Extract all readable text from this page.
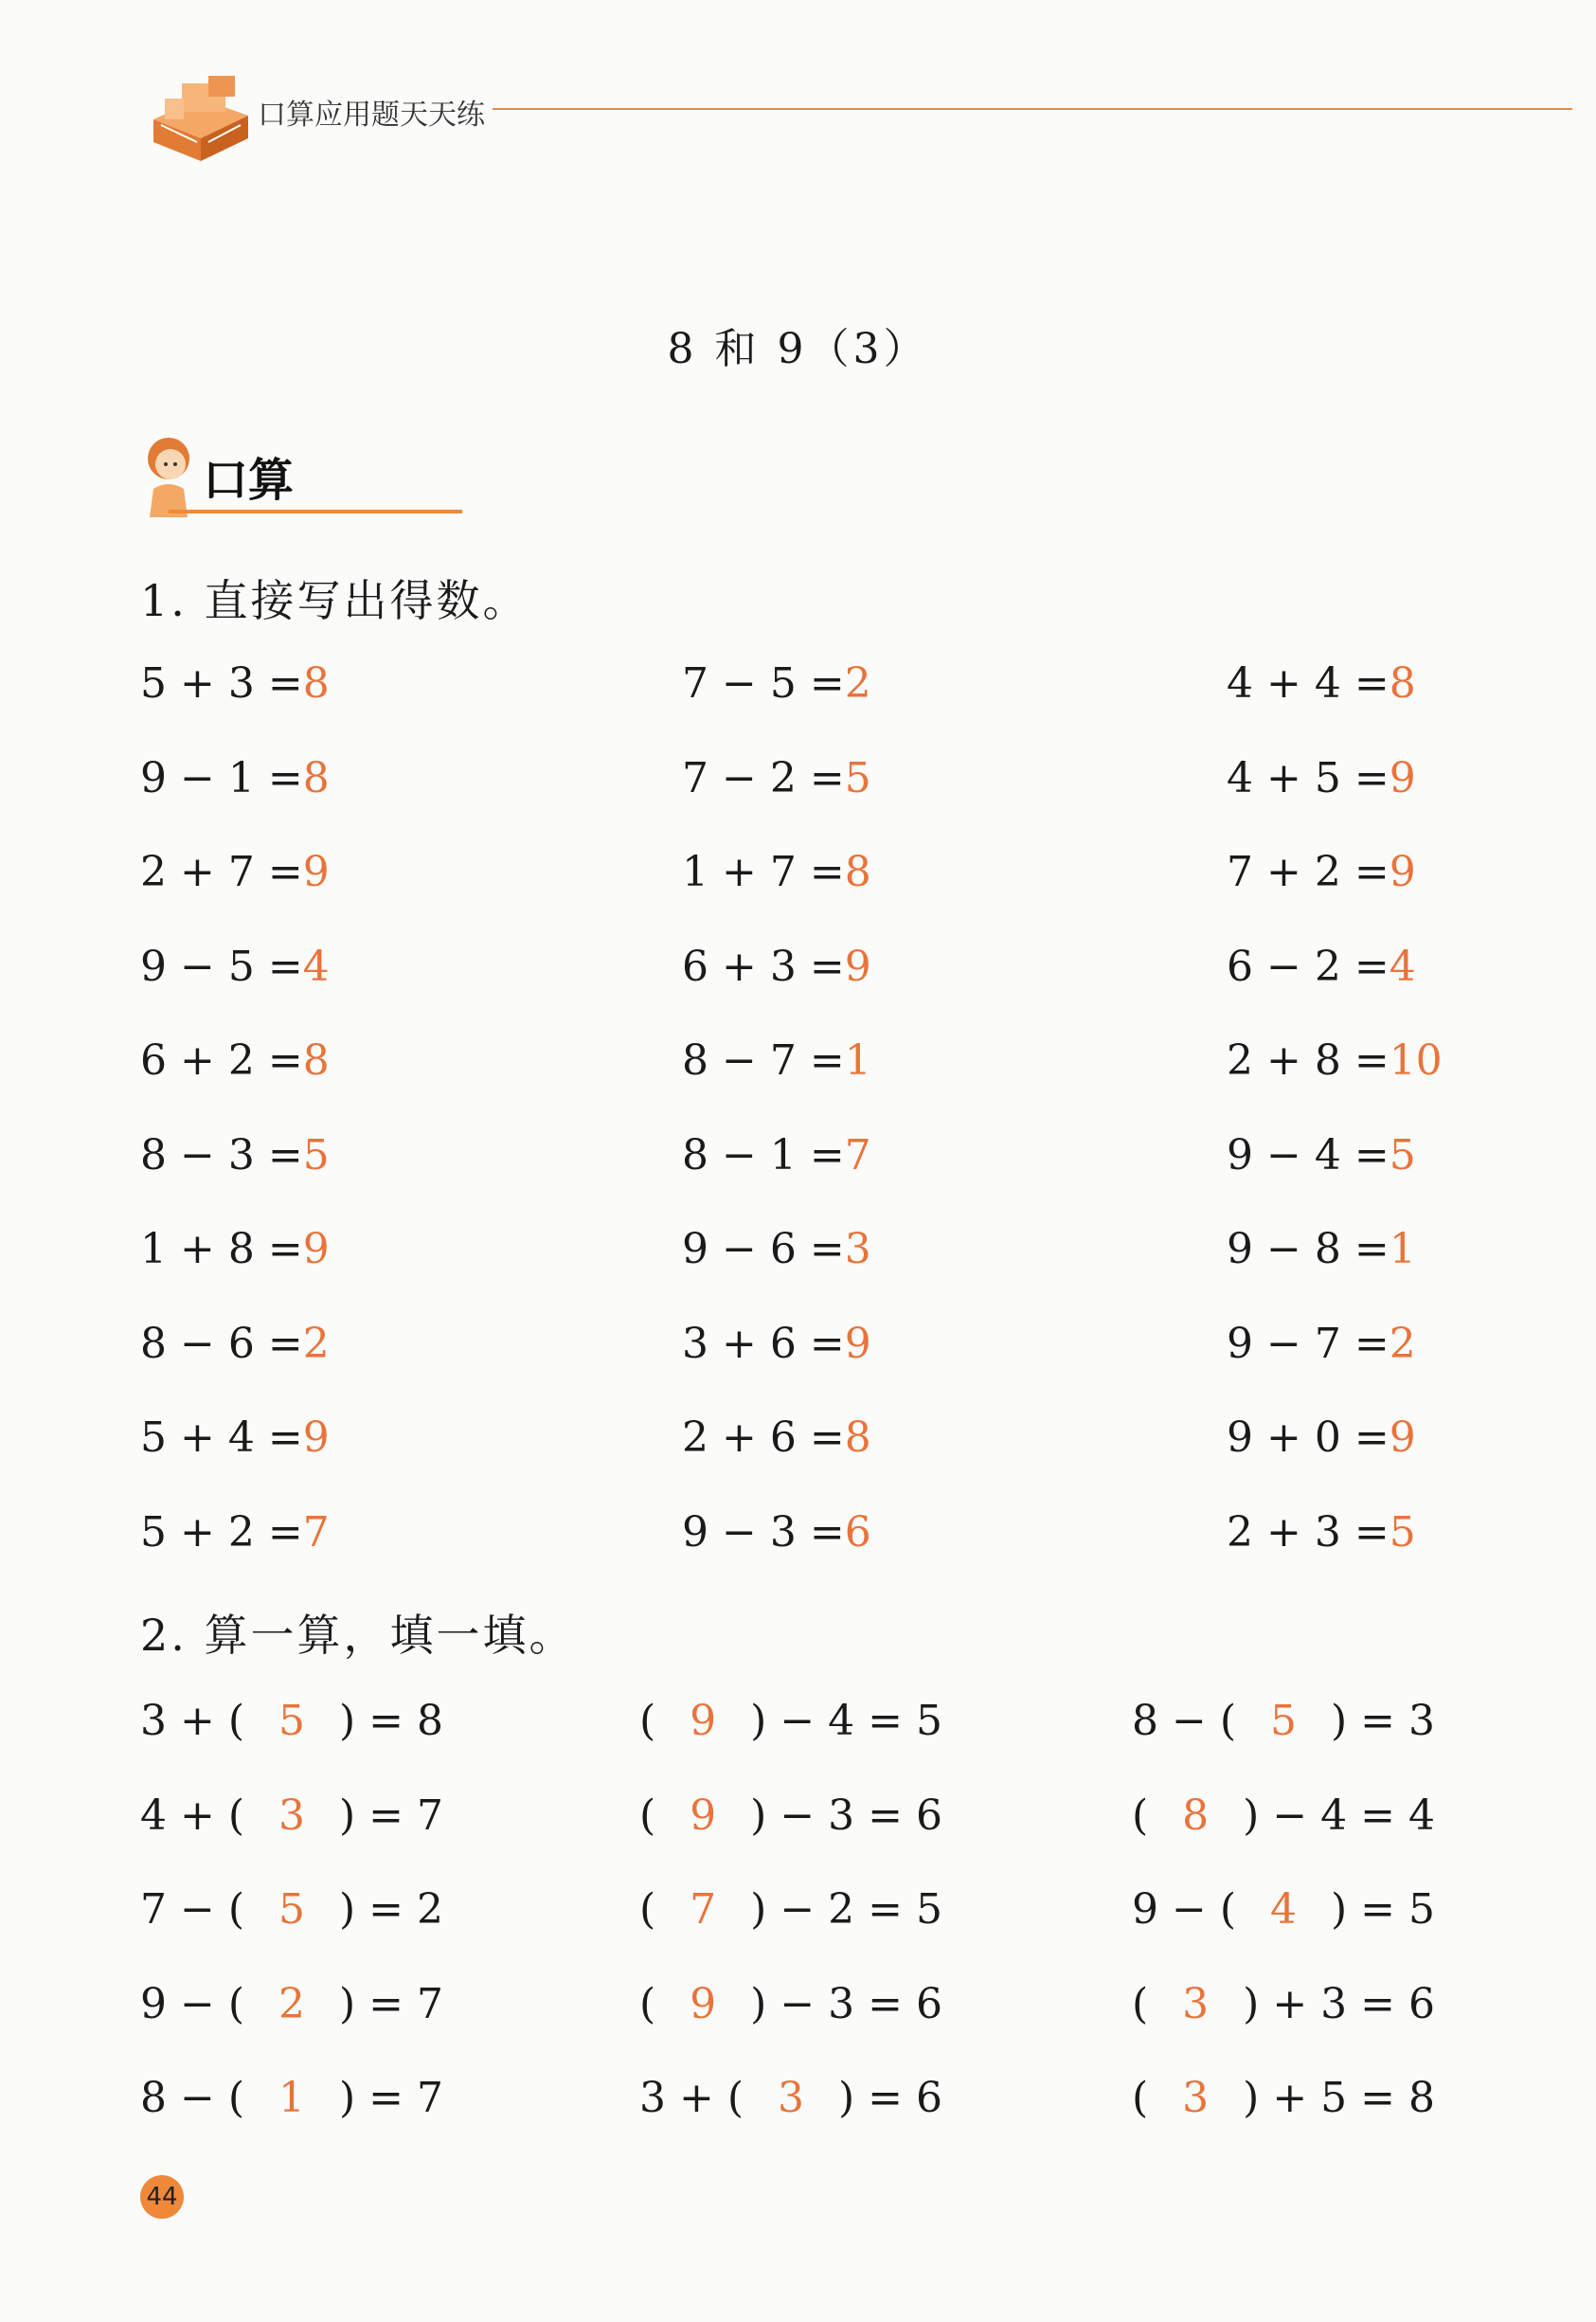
口算应用题天天练
8 和 9（3）
口算
1. 直接写出得数。
5 + 3 =8
9 − 1 =8
2 + 7 =9
9 − 5 =4
6 + 2 =8
8 − 3 =5
1 + 8 =9
8 − 6 =2
5 + 4 =9
5 + 2 =7
7 − 5 =2
7 − 2 =5
1 + 7 =8
6 + 3 =9
8 − 7 =1
8 − 1 =7
9 − 6 =3
3 + 6 =9
2 + 6 =8
9 − 3 =6
4 + 4 =8
4 + 5 =9
7 + 2 =9
6 − 2 =4
2 + 8 =10
9 − 4 =5
9 − 8 =1
9 − 7 =2
9 + 0 =9
2 + 3 =5
2. 算一算，填一填。
3 + ( 5 ) = 8
4 + ( 3 ) = 7
7 − ( 5 ) = 2
9 − ( 2 ) = 7
8 − ( 1 ) = 7
( 9 ) − 4 = 5
( 9 ) − 3 = 6
( 7 ) − 2 = 5
( 9 ) − 3 = 6
3 + ( 3 ) = 6
8 − ( 5 ) = 3
( 8 ) − 4 = 4
9 − ( 4 ) = 5
( 3 ) + 3 = 6
( 3 ) + 5 = 8
44
